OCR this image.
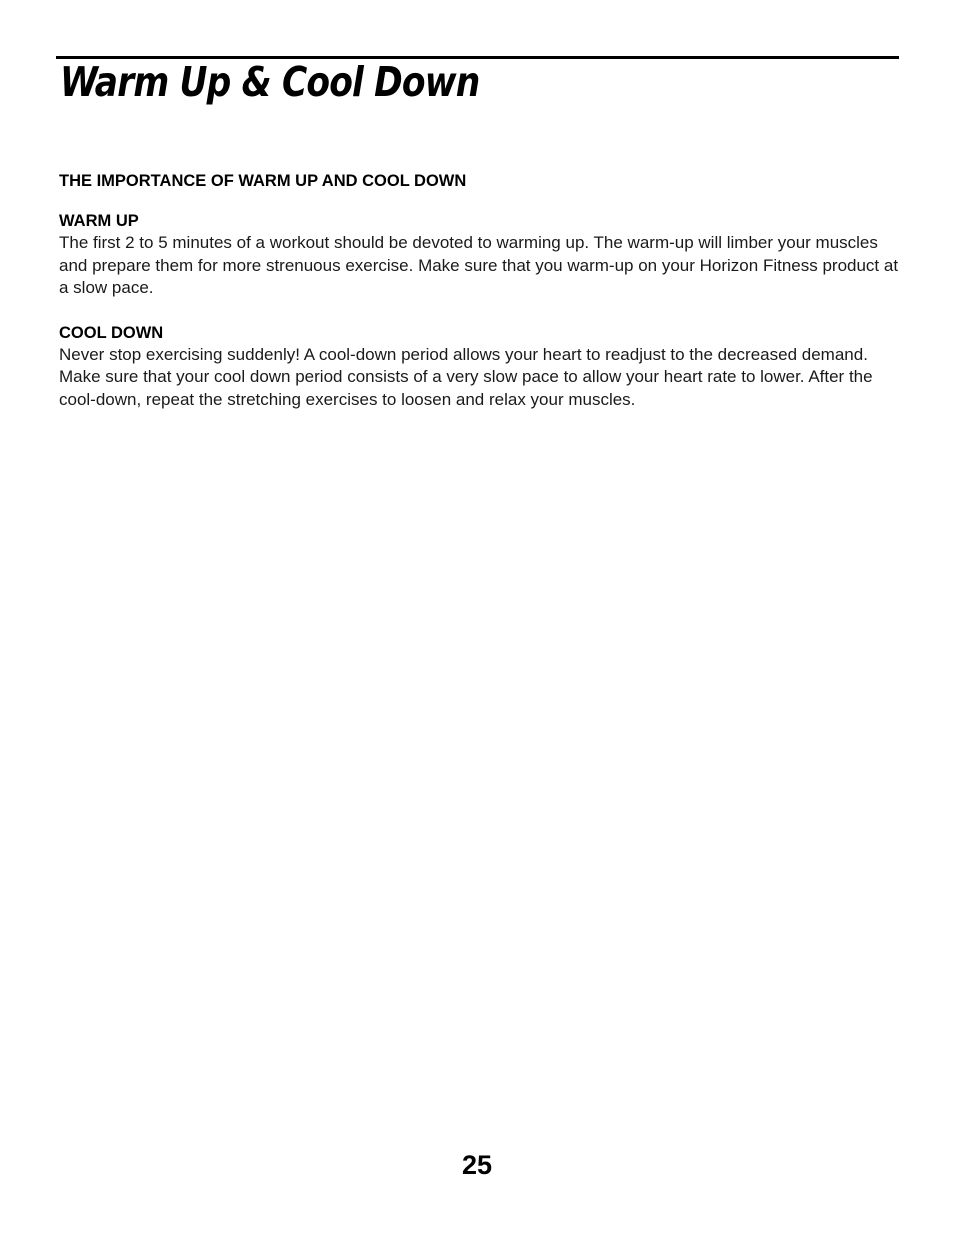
Warm Up & Cool Down
THE IMPORTANCE OF WARM UP AND COOL DOWN
WARM UP

The first 2 to 5 minutes of a workout should be devoted to warming up. The warm-up will limber your muscles and prepare them for more strenuous exercise. Make sure that you warm-up on your Horizon Fitness product at a slow pace.

COOL DOWN

Never stop exercising suddenly! A cool-down period allows your heart to readjust to the decreased demand. Make sure that your cool down period consists of a very slow pace to allow your heart rate to lower. After the cool-down, repeat the stretching exercises to loosen and relax your muscles.

25
